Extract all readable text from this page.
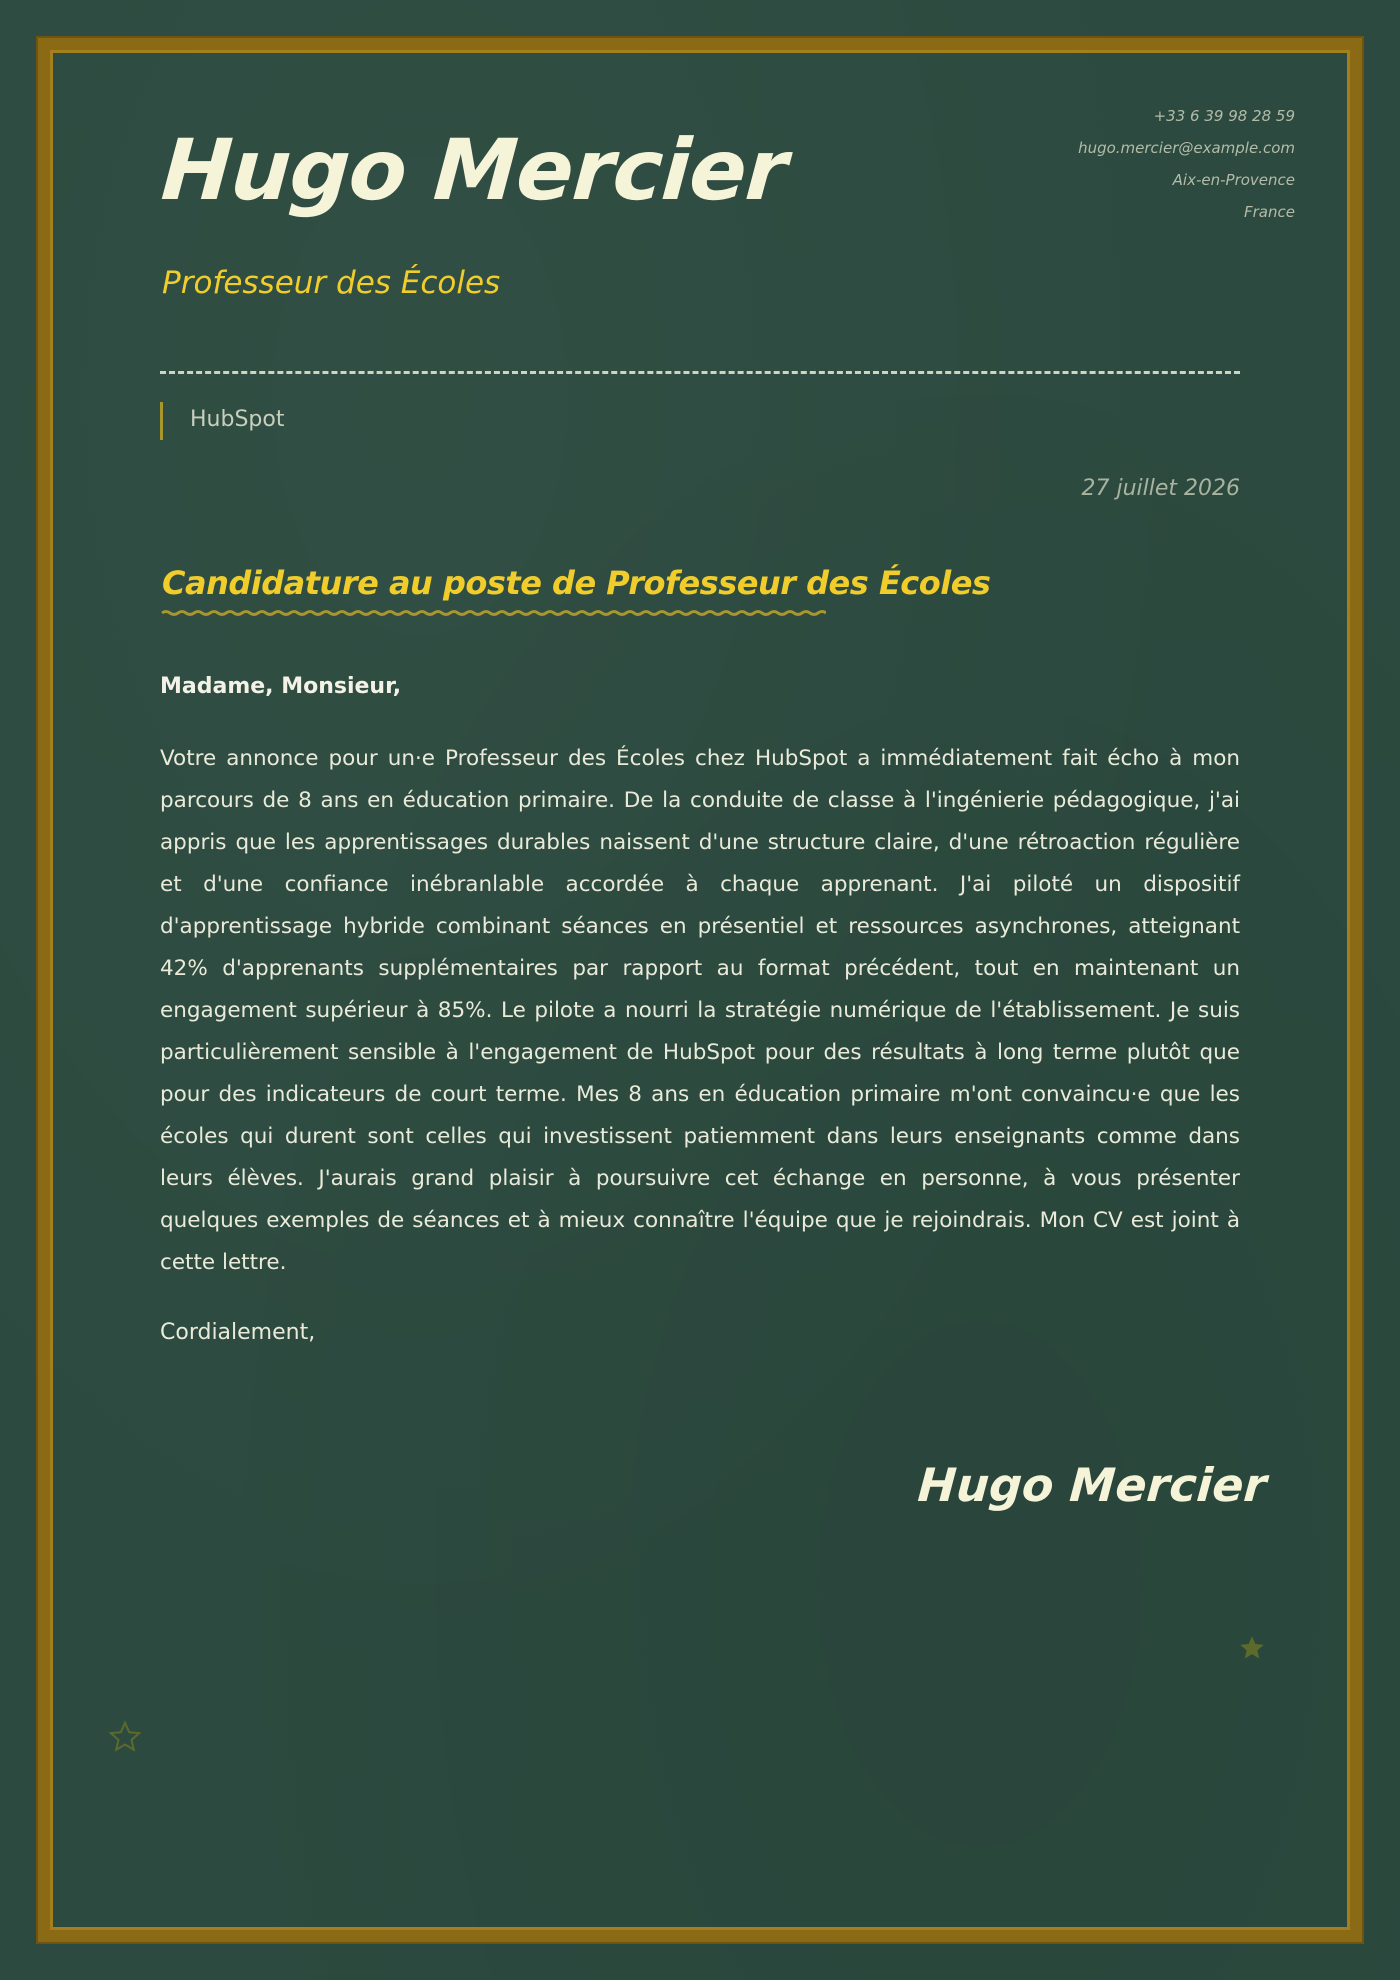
Hugo Mercier
Professeur des Écoles
+33 6 39 98 28 59
hugo.mercier@example.com
Aix-en-Provence
France
HubSpot
27 juillet 2026
Candidature au poste de Professeur des Écoles
Madame, Monsieur,

Votre annonce pour un·e Professeur des Écoles chez HubSpot a immédiatement fait écho à mon parcours de 8 ans en éducation primaire. De la conduite de classe à l'ingénierie pédagogique, j'ai appris que les apprentissages durables naissent d'une structure claire, d'une rétroaction régulière et d'une confiance inébranlable accordée à chaque apprenant. J'ai piloté un dispositif d'apprentissage hybride combinant séances en présentiel et ressources asynchrones, atteignant 42% d'apprenants supplémentaires par rapport au format précédent, tout en maintenant un engagement supérieur à 85%. Le pilote a nourri la stratégie numérique de l'établissement. Je suis particulièrement sensible à l'engagement de HubSpot pour des résultats à long terme plutôt que pour des indicateurs de court terme. Mes 8 ans en éducation primaire m'ont convaincu·e que les écoles qui durent sont celles qui investissent patiemment dans leurs enseignants comme dans leurs élèves. J'aurais grand plaisir à poursuivre cet échange en personne, à vous présenter quelques exemples de séances et à mieux connaître l'équipe que je rejoindrais. Mon CV est joint à cette lettre.

Cordialement,
Hugo Mercier
